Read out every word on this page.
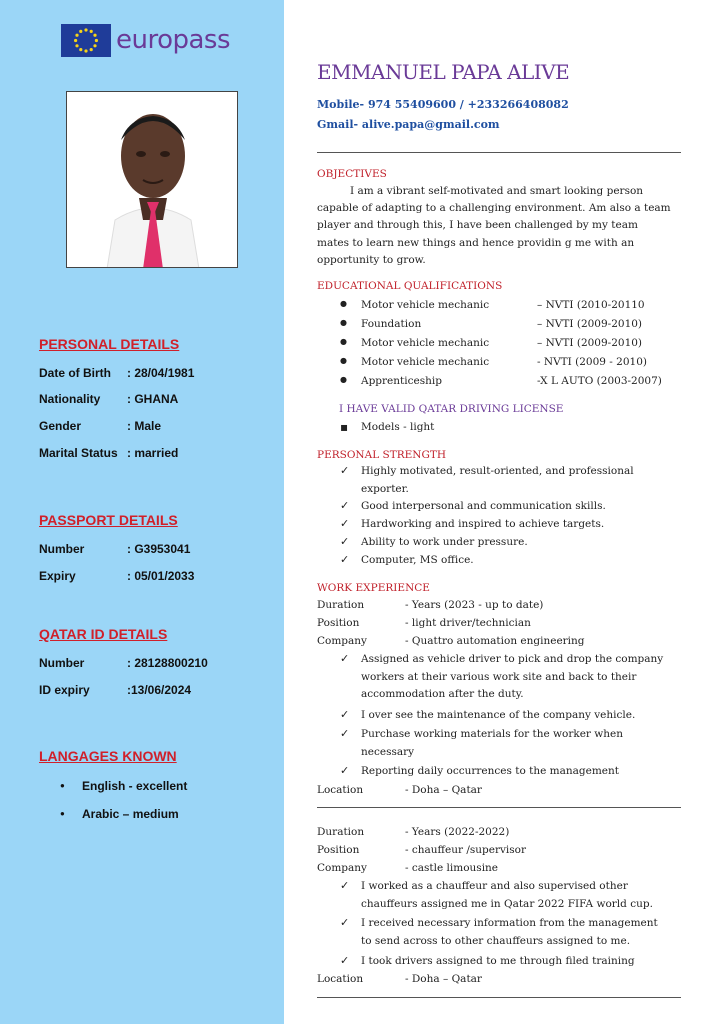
europass
PERSONAL DETAILS
Date of Birth	: 28/04/1981
Nationality	: GHANA
Gender	: Male
Marital Status : married
PASSPORT DETAILS
Number	: G3953041
Expiry	: 05/01/2033
QATAR ID DETAILS
Number	: 28128800210
ID expiry	:13/06/2024
LANGAGES KNOWN
● English - excellent
● Arabic – medium
EMMANUEL PAPA ALIVE
Mobile- 974 55409600 / +233266408082
Gmail- alive.papa@gmail.com
OBJECTIVES
I am a vibrant self-motivated and smart looking person
capable of adapting to a challenging environment. Am also a team
player and through this, I have been challenged by my team
mates to learn new things and hence providin g me with an
opportunity to grow.
EDUCATIONAL QUALIFICATIONS
● Motor vehicle mechanic	– NVTI (2010-20110
● Foundation	– NVTI (2009-2010)
● Motor vehicle mechanic	– NVTI (2009-2010)
● Motor vehicle mechanic	- NVTI (2009 - 2010)
● Apprenticeship	-X L AUTO (2003-2007)
I HAVE VALID QATAR DRIVING LICENSE
▪ Models - light
PERSONAL STRENGTH
✓ Highly motivated, result-oriented, and professional
exporter.
✓ Good interpersonal and communication skills.
✓ Hardworking and inspired to achieve targets.
✓ Ability to work under pressure.
✓ Computer, MS office.
WORK EXPERIENCE
Duration	- Years (2023 - up to date)
Position	- light driver/technician
Company	- Quattro automation engineering
✓ Assigned as vehicle driver to pick and drop the company
workers at their various work site and back to their
accommodation after the duty.
✓ I over see the maintenance of the company vehicle.
✓ Purchase working materials for the worker when
necessary
✓ Reporting daily occurrences to the management
Location	- Doha – Qatar
Duration	- Years (2022-2022)
Position	- chauffeur /supervisor
Company	- castle limousine
✓ I worked as a chauffeur and also supervised other
chauffeurs assigned me in Qatar 2022 FIFA world cup.
✓ I received necessary information from the management
to send across to other chauffeurs assigned to me.
✓ I took drivers assigned to me through filed training
Location	- Doha – Qatar
